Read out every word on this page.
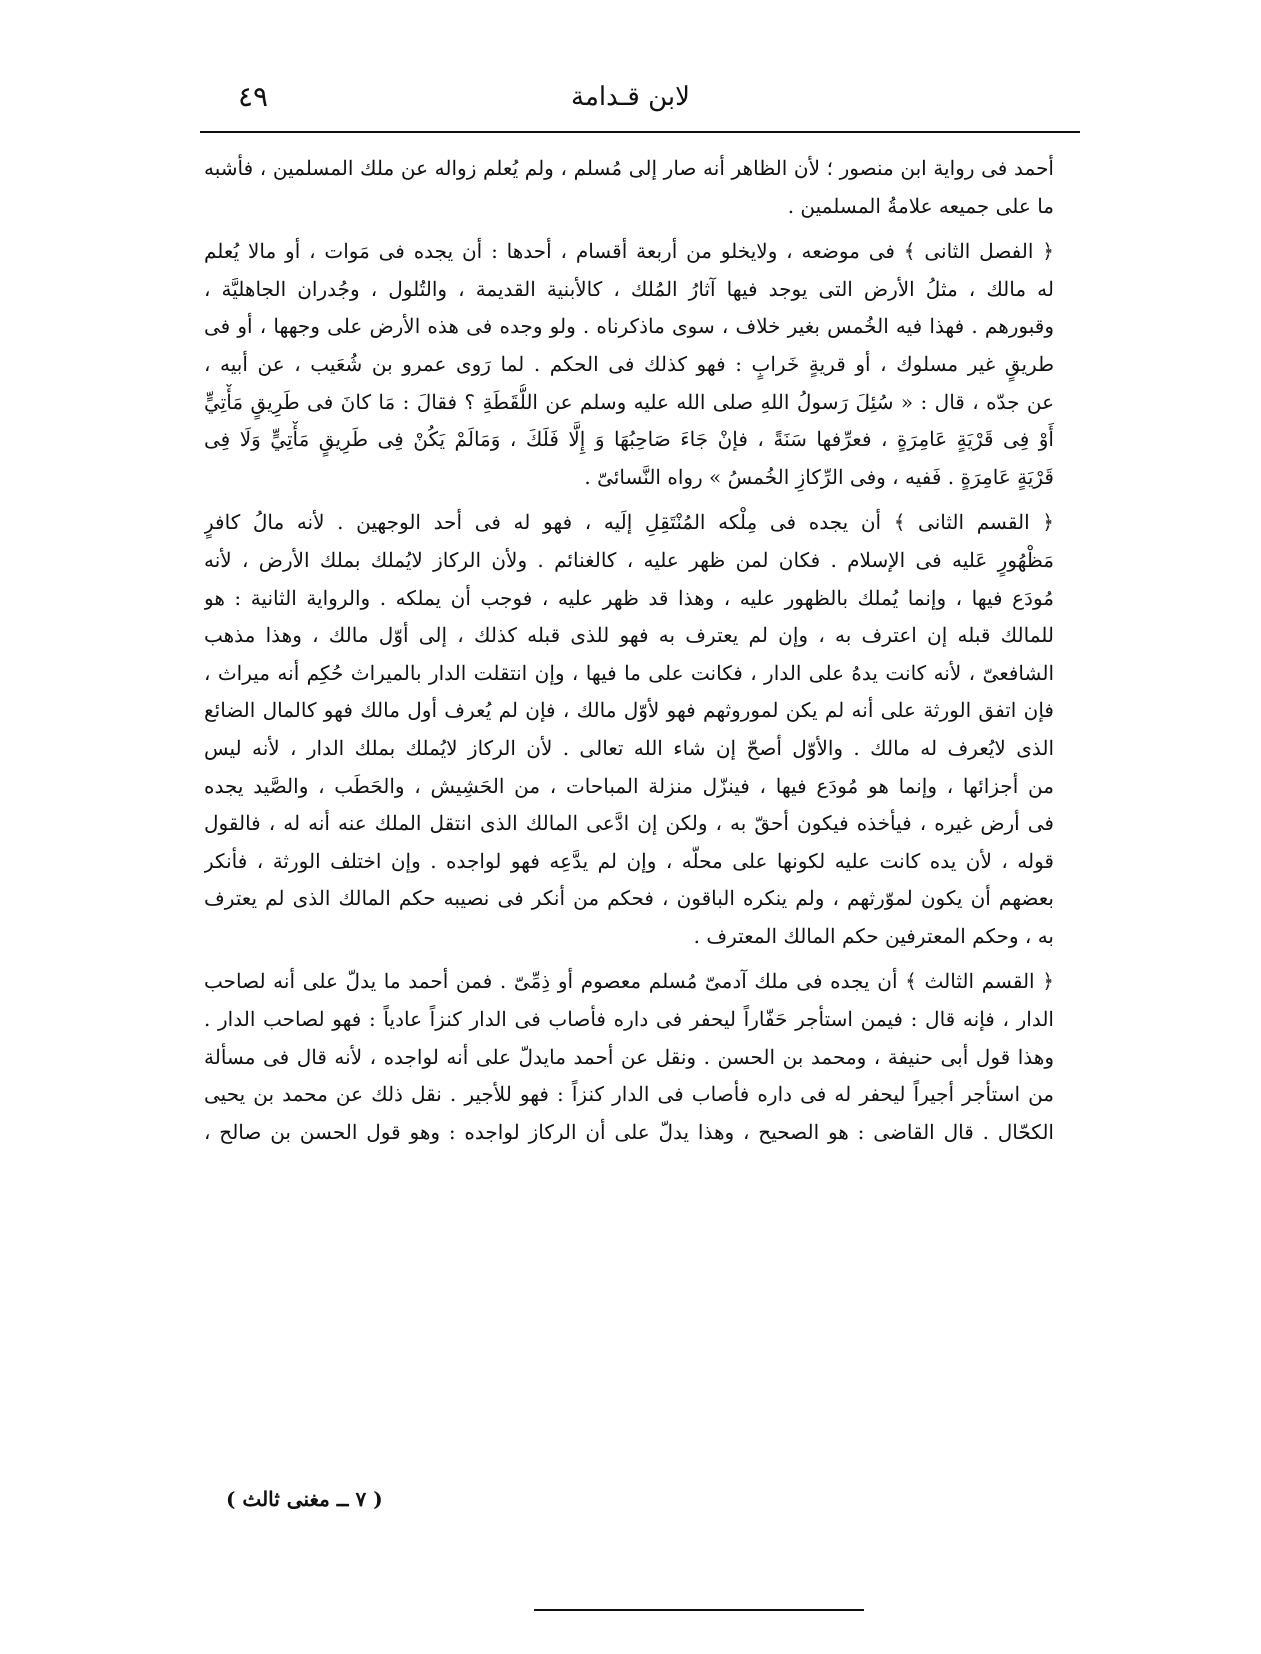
لابن قـدامة
٤٩
أحمد فى رواية ابن منصور ؛ لأن الظاهر أنه صار إلى مُسلم ، ولم يُعلم زواله عن ملك المسلمين ، فأشبه
ما على جميعه علامةُ المسلمين .
﴿ الفصل الثانى ﴾ فى موضعه ، ولايخلو من أربعة أقسام ، أحدها : أن يجده فى مَوات ، أو مالا يُعلم
له مالك ، مثلُ الأرض التى يوجد فيها آثارُ المُلك ، كالأبنية القديمة ، والتُلول ، وجُدران الجاهليَّة ،
وقبورهم . فهذا فيه الخُمس بغير خلاف ، سوى ماذكرناه . ولو وجده فى هذه الأرض على وجهها ، أو فى
طريقٍ غير مسلوك ، أو قريةٍ خَرابٍ : فهو كذلك فى الحكم . لما رَوى عمرو بن شُعَيب ، عن أبيه ،
عن جدّه ، قال : « سُئِلَ رَسولُ اللهِ صلى الله عليه وسلم عن اللُّقَطَةِ ؟ فقالَ : مَا كانَ فى طَرِيقٍ مَأْتِيٍّ
أَوْ فِى قَرْيَةٍ عَامِرَةٍ ، فعرِّفها سَنَةً ، فإنْ جَاءَ صَاحِبُهَا وَ إِلَّا فَلَكَ ، وَمَالَمْ يَكُنْ فِى طَرِيقٍ مَأْتِيٍّ وَلَا فِى
قَرْيَةٍ عَامِرَةٍ . فَفيه ، وفى الرِّكازِ الخُمسُ » رواه النَّسائىّ .
﴿ القسم الثانى ﴾ أن يجده فى مِلْكه المُنْتَقِلِ إلَيه ، فهو له فى أحد الوجهين . لأنه مالُ كافرٍ
مَظْهُورٍ عَليه فى الإسلام . فكان لمن ظهر عليه ، كالغنائم . ولأن الركاز لايُملك بملك الأرض ، لأنه
مُودَع فيها ، وإنما يُملك بالظهور عليه ، وهذا قد ظهر عليه ، فوجب أن يملكه . والرواية الثانية : هو
للمالك قبله إن اعترف به ، وإن لم يعترف به فهو للذى قبله كذلك ، إلى أوّل مالك ، وهذا مذهب
الشافعىّ ، لأنه كانت يدهُ على الدار ، فكانت على ما فيها ، وإن انتقلت الدار بالميراث حُكِم أنه ميراث ،
فإن اتفق الورثة على أنه لم يكن لموروثهم فهو لأوّل مالك ، فإن لم يُعرف أول مالك فهو كالمال الضائع
الذى لايُعرف له مالك . والأوّل أصحّ إن شاء الله تعالى . لأن الركاز لايُملك بملك الدار ، لأنه ليس
من أجزائها ، وإنما هو مُودَع فيها ، فينزّل منزلة المباحات ، من الحَشِيش ، والحَطَب ، والصَّيد يجده
فى أرض غيره ، فيأخذه فيكون أحقّ به ، ولكن إن ادَّعى المالك الذى انتقل الملك عنه أنه له ، فالقول
قوله ، لأن يده كانت عليه لكونها على محلّه ، وإن لم يدَّعِه فهو لواجده . وإن اختلف الورثة ، فأنكر
بعضهم أن يكون لموّرثهم ، ولم ينكره الباقون ، فحكم من أنكر فى نصيبه حكم المالك الذى لم يعترف
به ، وحكم المعترفين حكم المالك المعترف .
﴿ القسم الثالث ﴾ أن يجده فى ملك آدمىّ مُسلم معصوم أو ذِمِّىّ . فمن أحمد ما يدلّ على أنه لصاحب
الدار ، فإنه قال : فيمن استأجر حَفّاراً ليحفر فى داره فأصاب فى الدار كنزاً عادياً : فهو لصاحب الدار .
وهذا قول أبى حنيفة ، ومحمد بن الحسن . ونقل عن أحمد مايدلّ على أنه لواجده ، لأنه قال فى مسألة
من استأجر أجيراً ليحفر له فى داره فأصاب فى الدار كنزاً : فهو للأجير . نقل ذلك عن محمد بن يحيى
الكحّال . قال القاضى : هو الصحيح ، وهذا يدلّ على أن الركاز لواجده : وهو قول الحسن بن صالح ،
( ٧ ــ مغنى ثالث )
